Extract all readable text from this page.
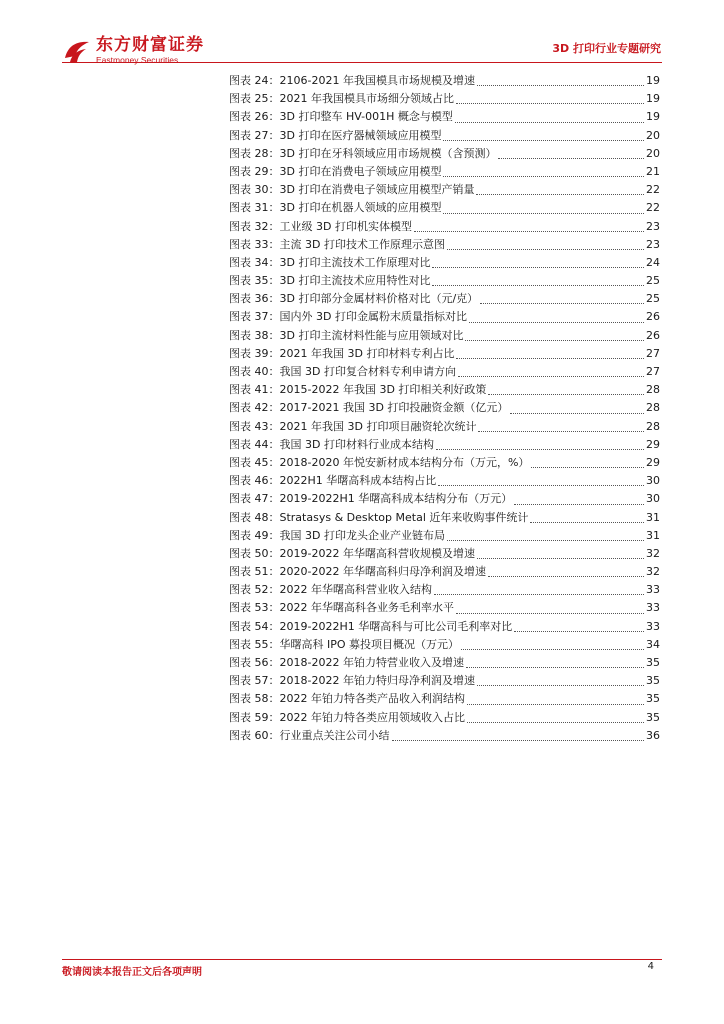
东方财富证券
Eastmoney Securities
3D 打印行业专题研究
图表 24：2106-2021 年我国模具市场规模及增速	19
图表 25：2021 年我国模具市场细分领域占比	19
图表 26：3D 打印整车 HV-001H 概念与模型	19
图表 27：3D 打印在医疗器械领域应用模型	20
图表 28：3D 打印在牙科领域应用市场规模（含预测）	20
图表 29：3D 打印在消费电子领域应用模型	21
图表 30：3D 打印在消费电子领域应用模型产销量	22
图表 31：3D 打印在机器人领域的应用模型	22
图表 32：工业级 3D 打印机实体模型	23
图表 33：主流 3D 打印技术工作原理示意图	23
图表 34：3D 打印主流技术工作原理对比	24
图表 35：3D 打印主流技术应用特性对比	25
图表 36：3D 打印部分金属材料价格对比（元/克）	25
图表 37：国内外 3D 打印金属粉末质量指标对比	26
图表 38：3D 打印主流材料性能与应用领域对比	26
图表 39：2021 年我国 3D 打印材料专利占比	27
图表 40：我国 3D 打印复合材料专利申请方向	27
图表 41：2015-2022 年我国 3D 打印相关利好政策	28
图表 42：2017-2021 我国 3D 打印投融资金额（亿元）	28
图表 43：2021 年我国 3D 打印项目融资轮次统计	28
图表 44：我国 3D 打印材料行业成本结构	29
图表 45：2018-2020 年悦安新材成本结构分布（万元，%）	29
图表 46：2022H1 华曙高科成本结构占比	30
图表 47：2019-2022H1 华曙高科成本结构分布（万元）	30
图表 48：Stratasys & Desktop Metal 近年来收购事件统计	31
图表 49：我国 3D 打印龙头企业产业链布局	31
图表 50：2019-2022 年华曙高科营收规模及增速	32
图表 51：2020-2022 年华曙高科归母净利润及增速	32
图表 52：2022 年华曙高科营业收入结构	33
图表 53：2022 年华曙高科各业务毛利率水平	33
图表 54：2019-2022H1 华曙高科与可比公司毛利率对比	33
图表 55：华曙高科 IPO 募投项目概况（万元）	34
图表 56：2018-2022 年铂力特营业收入及增速	35
图表 57：2018-2022 年铂力特归母净利润及增速	35
图表 58：2022 年铂力特各类产品收入利润结构	35
图表 59：2022 年铂力特各类应用领域收入占比	35
图表 60：行业重点关注公司小结	36
敬请阅读本报告正文后各项声明
4
